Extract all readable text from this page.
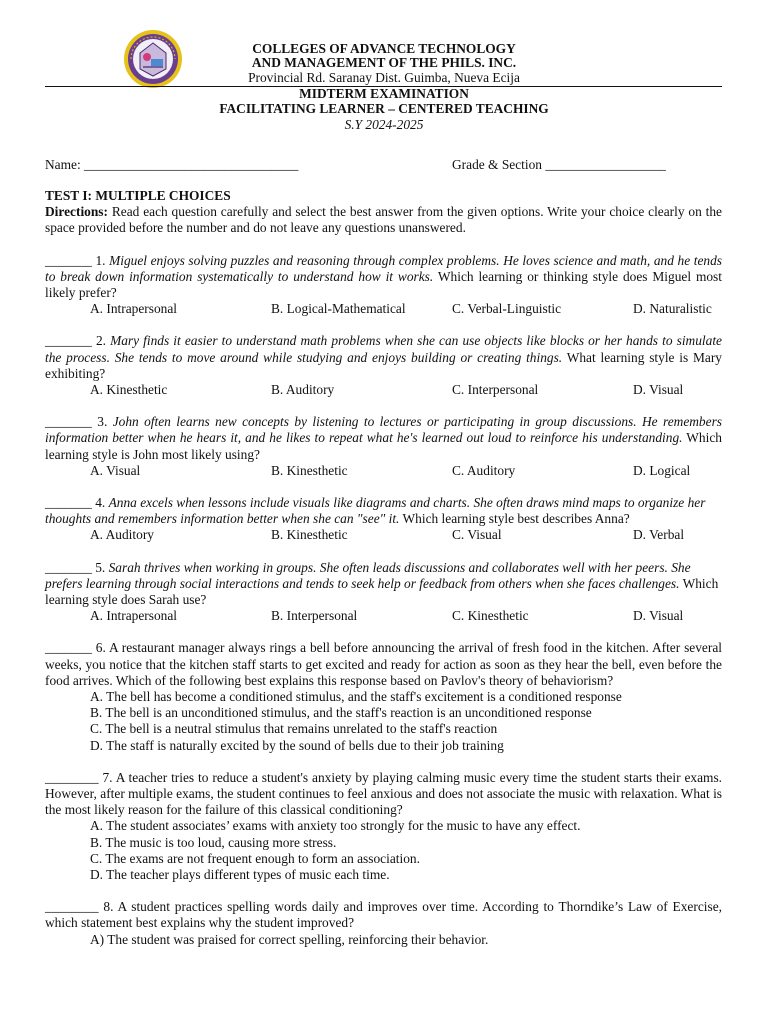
COLLEGES OF ADVANCE TECHNOLOGY
AND MANAGEMENT OF THE PHILS. INC.
Provincial Rd. Saranay Dist. Guimba, Nueva Ecija
MIDTERM EXAMINATION
FACILITATING LEARNER – CENTERED TEACHING
S.Y 2024-2025
Name: ________________________________	Grade & Section __________________
TEST I: MULTIPLE CHOICES
Directions: Read each question carefully and select the best answer from the given options. Write your choice clearly on the space provided before the number and do not leave any questions unanswered.
_______ 1. Miguel enjoys solving puzzles and reasoning through complex problems. He loves science and math, and he tends to break down information systematically to understand how it works. Which learning or thinking style does Miguel most likely prefer?
A. Intrapersonal	B. Logical-Mathematical	C. Verbal-Linguistic	D. Naturalistic
_______ 2. Mary finds it easier to understand math problems when she can use objects like blocks or her hands to simulate the process. She tends to move around while studying and enjoys building or creating things. What learning style is Mary exhibiting?
A. Kinesthetic	B. Auditory	C. Interpersonal	D. Visual
_______ 3. John often learns new concepts by listening to lectures or participating in group discussions. He remembers information better when he hears it, and he likes to repeat what he's learned out loud to reinforce his understanding. Which learning style is John most likely using?
A. Visual	B. Kinesthetic	C. Auditory	D. Logical
_______ 4. Anna excels when lessons include visuals like diagrams and charts. She often draws mind maps to organize her thoughts and remembers information better when she can "see" it. Which learning style best describes Anna?
A. Auditory	B. Kinesthetic	C. Visual	D. Verbal
_______ 5. Sarah thrives when working in groups. She often leads discussions and collaborates well with her peers. She prefers learning through social interactions and tends to seek help or feedback from others when she faces challenges. Which learning style does Sarah use?
A. Intrapersonal	B. Interpersonal	C. Kinesthetic	D. Visual
_______ 6. A restaurant manager always rings a bell before announcing the arrival of fresh food in the kitchen. After several weeks, you notice that the kitchen staff starts to get excited and ready for action as soon as they hear the bell, even before the food arrives. Which of the following best explains this response based on Pavlov's theory of behaviorism?
A. The bell has become a conditioned stimulus, and the staff's excitement is a conditioned response
B. The bell is an unconditioned stimulus, and the staff's reaction is an unconditioned response
C. The bell is a neutral stimulus that remains unrelated to the staff's reaction
D. The staff is naturally excited by the sound of bells due to their job training
________ 7. A teacher tries to reduce a student's anxiety by playing calming music every time the student starts their exams. However, after multiple exams, the student continues to feel anxious and does not associate the music with relaxation. What is the most likely reason for the failure of this classical conditioning?
A. The student associates’ exams with anxiety too strongly for the music to have any effect.
B. The music is too loud, causing more stress.
C. The exams are not frequent enough to form an association.
D. The teacher plays different types of music each time.
________ 8. A student practices spelling words daily and improves over time. According to Thorndike’s Law of Exercise, which statement best explains why the student improved?
A) The student was praised for correct spelling, reinforcing their behavior.
